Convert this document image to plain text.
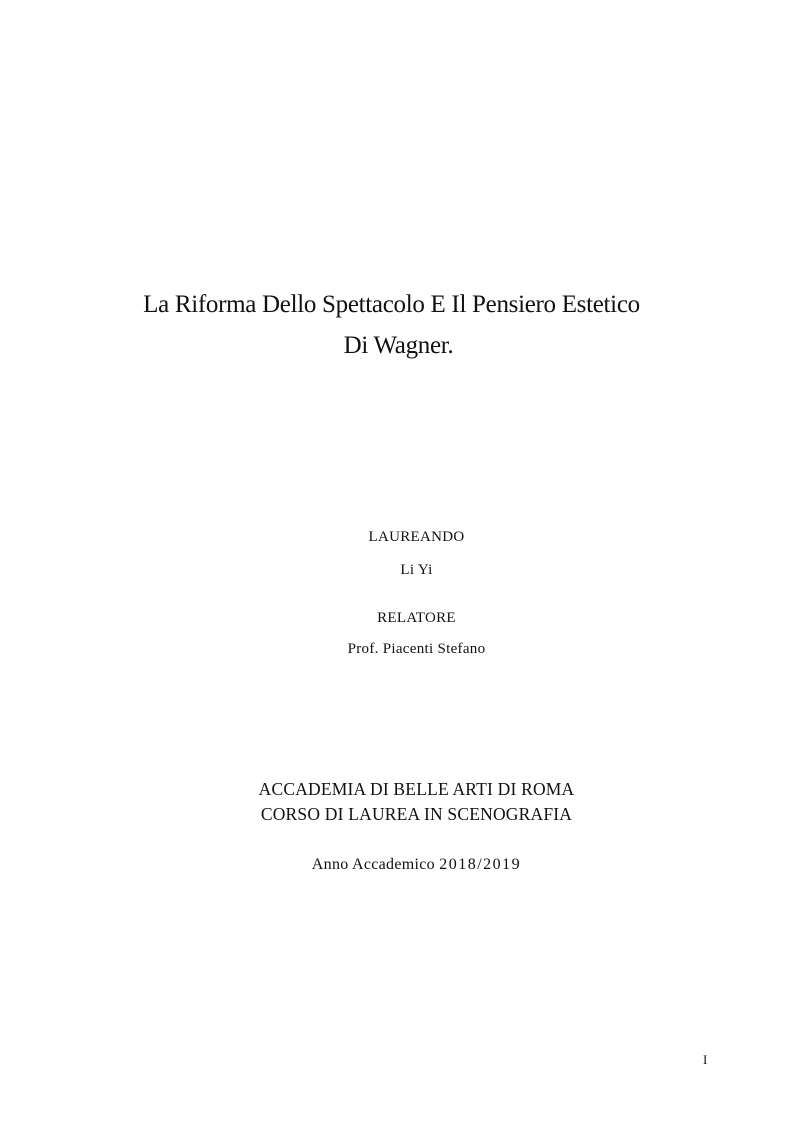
La Riforma Dello Spettacolo E Il Pensiero Estetico
Di Wagner.
LAUREANDO
Li Yi
RELATORE
Prof. Piacenti Stefano
ACCADEMIA DI BELLE ARTI DI ROMA
CORSO DI LAUREA IN SCENOGRAFIA
Anno Accademico 2018/2019
I
